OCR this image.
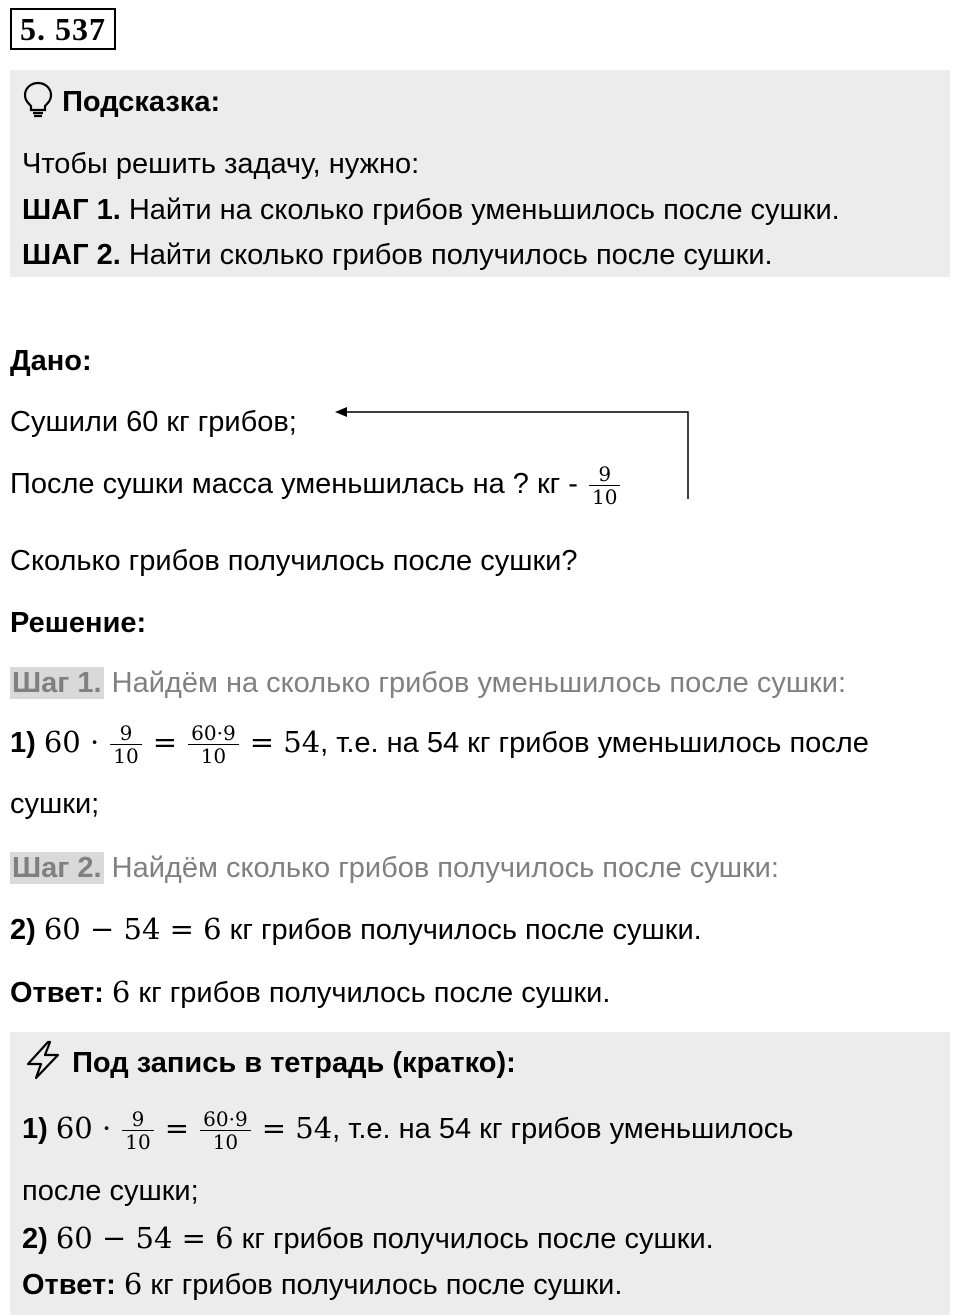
5. 537
Подсказка:
Чтобы решить задачу, нужно:
ШАГ 1. Найти на сколько грибов уменьшилось после сушки.
ШАГ 2. Найти сколько грибов получилось после сушки.
Дано:
Сушили 60 кг грибов;
После сушки масса уменьшилась на ? кг - $\frac{9}{10}$
Сколько грибов получилось после сушки?
Решение:
Шаг 1. Найдём на сколько грибов уменьшилось после сушки:
1) $60 \cdot \frac{9}{10} = \frac{60\cdot 9}{10} = 54$, т.е. на 54 кг грибов уменьшилось после
сушки;
Шаг 2. Найдём сколько грибов получилось после сушки:
2) 60 − 54 = 6 кг грибов получилось после сушки.
Ответ: 6 кг грибов получилось после сушки.
Под запись в тетрадь (кратко):
1) $60 \cdot \frac{9}{10} = \frac{60\cdot 9}{10} = 54$, т.е. на 54 кг грибов уменьшилось
после сушки;
2) 60 − 54 = 6 кг грибов получилось после сушки.
Ответ: 6 кг грибов получилось после сушки.
